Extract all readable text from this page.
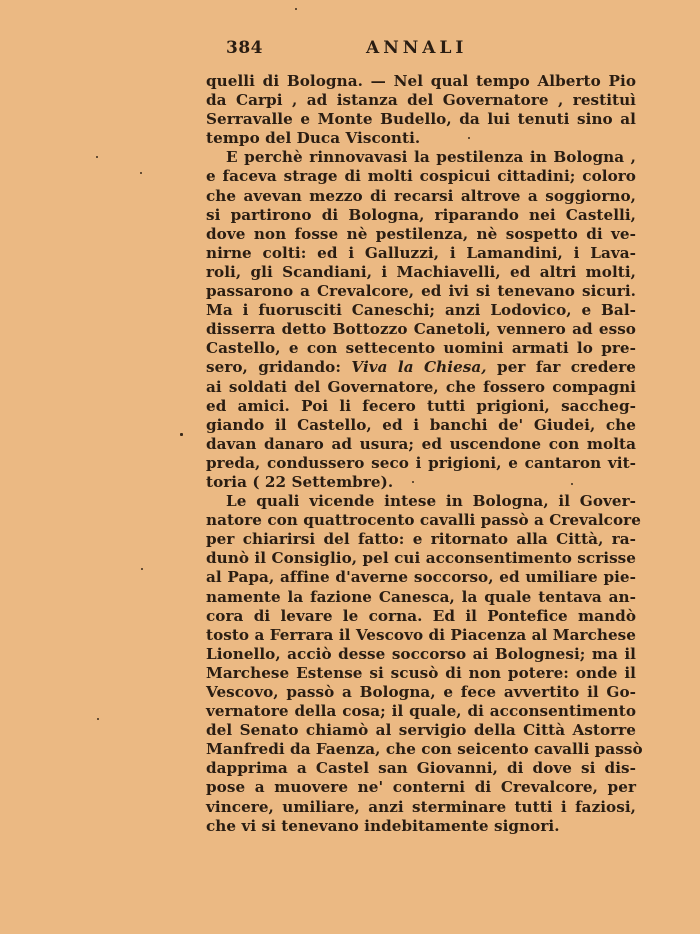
384	ANNALI
quelli di Bologna. — Nel qual tempo Alberto Pio
da Carpi , ad istanza del Governatore , restituì
Serravalle e Monte Budello, da lui tenuti sino al
tempo del Duca Visconti.
E perchè rinnovavasi la pestilenza in Bologna ,
e faceva strage di molti cospicui cittadini; coloro
che avevan mezzo di recarsi altrove a soggiorno,
si partirono di Bologna, riparando nei Castelli,
dove non fosse nè pestilenza, nè sospetto di ve-
nirne colti: ed i Galluzzi, i Lamandini, i Lava-
roli, gli Scandiani, i Machiavelli, ed altri molti,
passarono a Crevalcore, ed ivi si tenevano sicuri.
Ma i fuorusciti Caneschi; anzi Lodovico, e Bal-
disserra detto Bottozzo Canetoli, vennero ad esso
Castello, e con settecento uomini armati lo pre-
sero, gridando: Viva la Chiesa, per far credere
ai soldati del Governatore, che fossero compagni
ed amici. Poi li fecero tutti prigioni, saccheg-
giando il Castello, ed i banchi de' Giudei, che
davan danaro ad usura; ed uscendone con molta
preda, condussero seco i prigioni, e cantaron vit-
toria ( 22 Settembre).
Le quali vicende intese in Bologna, il Gover-
natore con quattrocento cavalli passò a Crevalcore
per chiarirsi del fatto: e ritornato alla Città, ra-
dunò il Consiglio, pel cui acconsentimento scrisse
al Papa, affine d'averne soccorso, ed umiliare pie-
namente la fazione Canesca, la quale tentava an-
cora di levare le corna. Ed il Pontefice mandò
tosto a Ferrara il Vescovo di Piacenza al Marchese
Lionello, acciò desse soccorso ai Bolognesi; ma il
Marchese Estense si scusò di non potere: onde il
Vescovo, passò a Bologna, e fece avvertito il Go-
vernatore della cosa; il quale, di acconsentimento
del Senato chiamò al servigio della Città Astorre
Manfredi da Faenza, che con seicento cavalli passò
dapprima a Castel san Giovanni, di dove si dis-
pose a muovere ne' conterni di Crevalcore, per
vincere, umiliare, anzi sterminare tutti i faziosi,
che vi si tenevano indebitamente signori.
